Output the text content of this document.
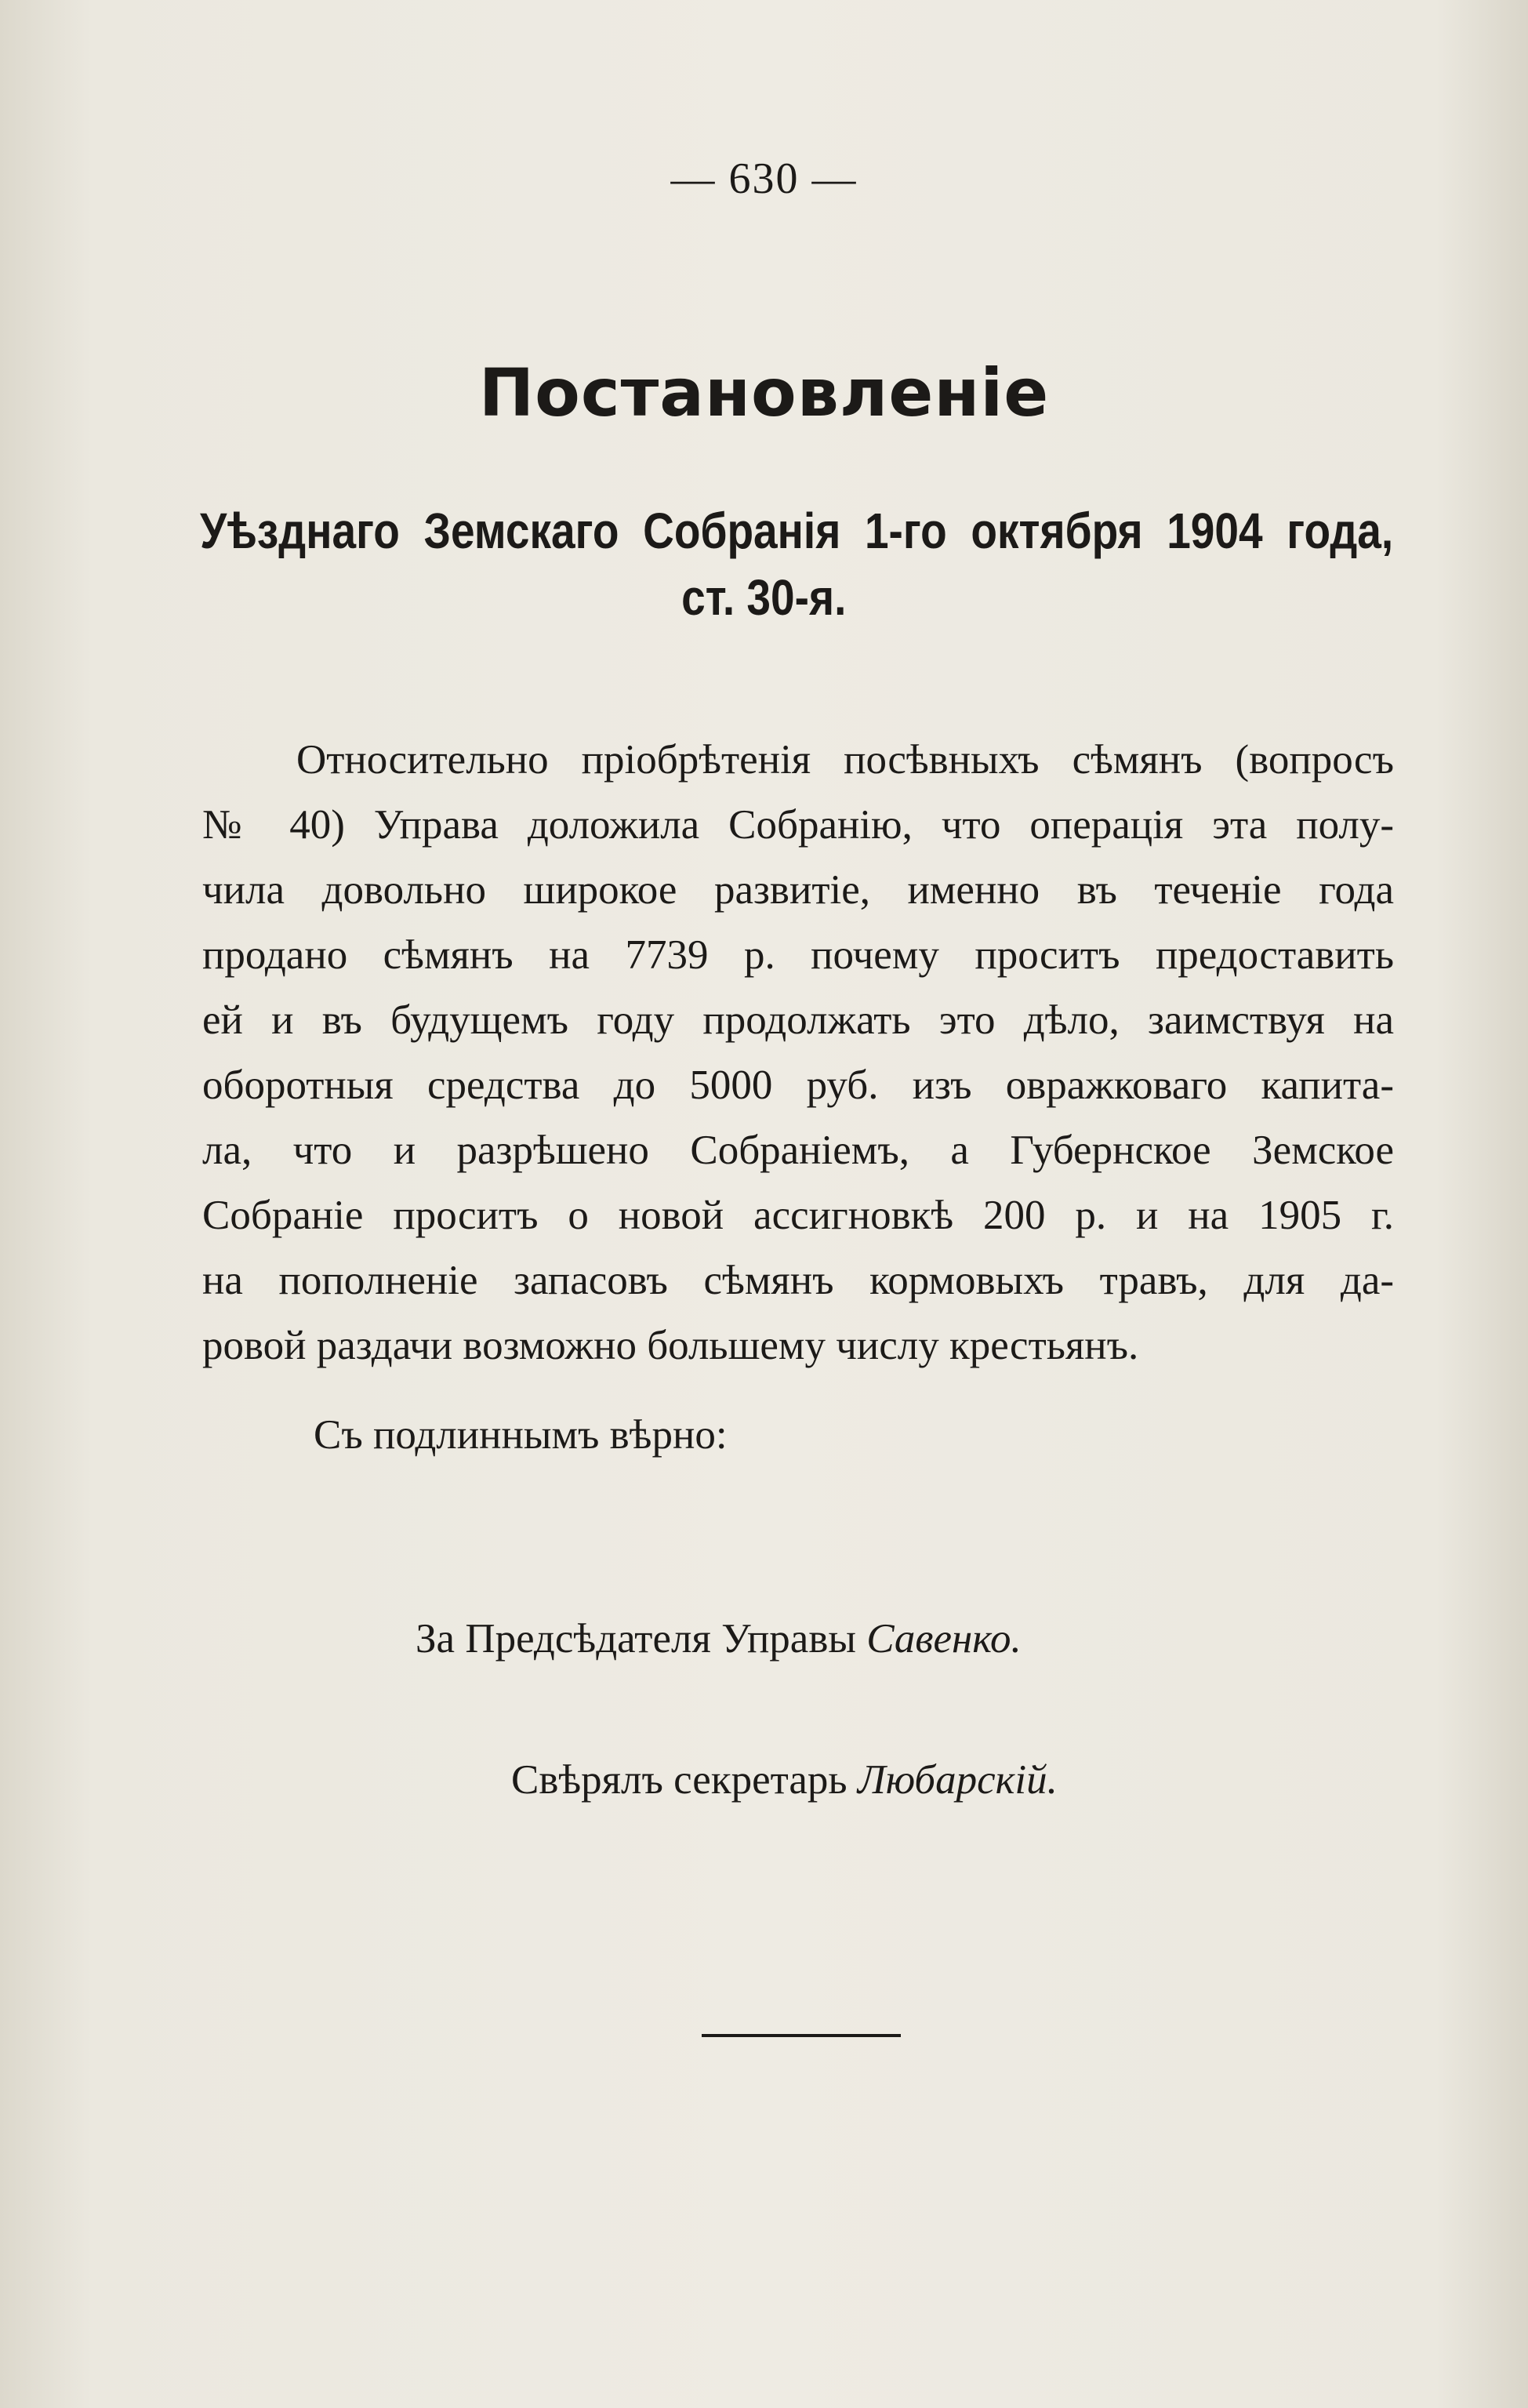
— 630 —
Постановленіе
Уѣзднаго Земскаго Собранія 1-го октября 1904 года,
ст. 30-я.
Относительно пріобрѣтенія посѣвныхъ сѣмянъ (вопросъ
№ 40) Управа доложила Собранію, что операція эта полу-
чила довольно широкое развитіе, именно въ теченіе года
продано сѣмянъ на 7739 р. почему проситъ предоставить
ей и въ будущемъ году продолжать это дѣло, заимствуя на
оборотныя средства до 5000 руб. изъ овражковаго капита-
ла, что и разрѣшено Собраніемъ, а Губернское Земское
Собраніе проситъ о новой ассигновкѣ 200 р. и на 1905 г.
на пополненіе запасовъ сѣмянъ кормовыхъ травъ, для да-
ровой раздачи возможно большему числу крестьянъ.
Съ подлиннымъ вѣрно:
За Предсѣдателя Управы Савенко.
Свѣрялъ секретарь Любарскій.
